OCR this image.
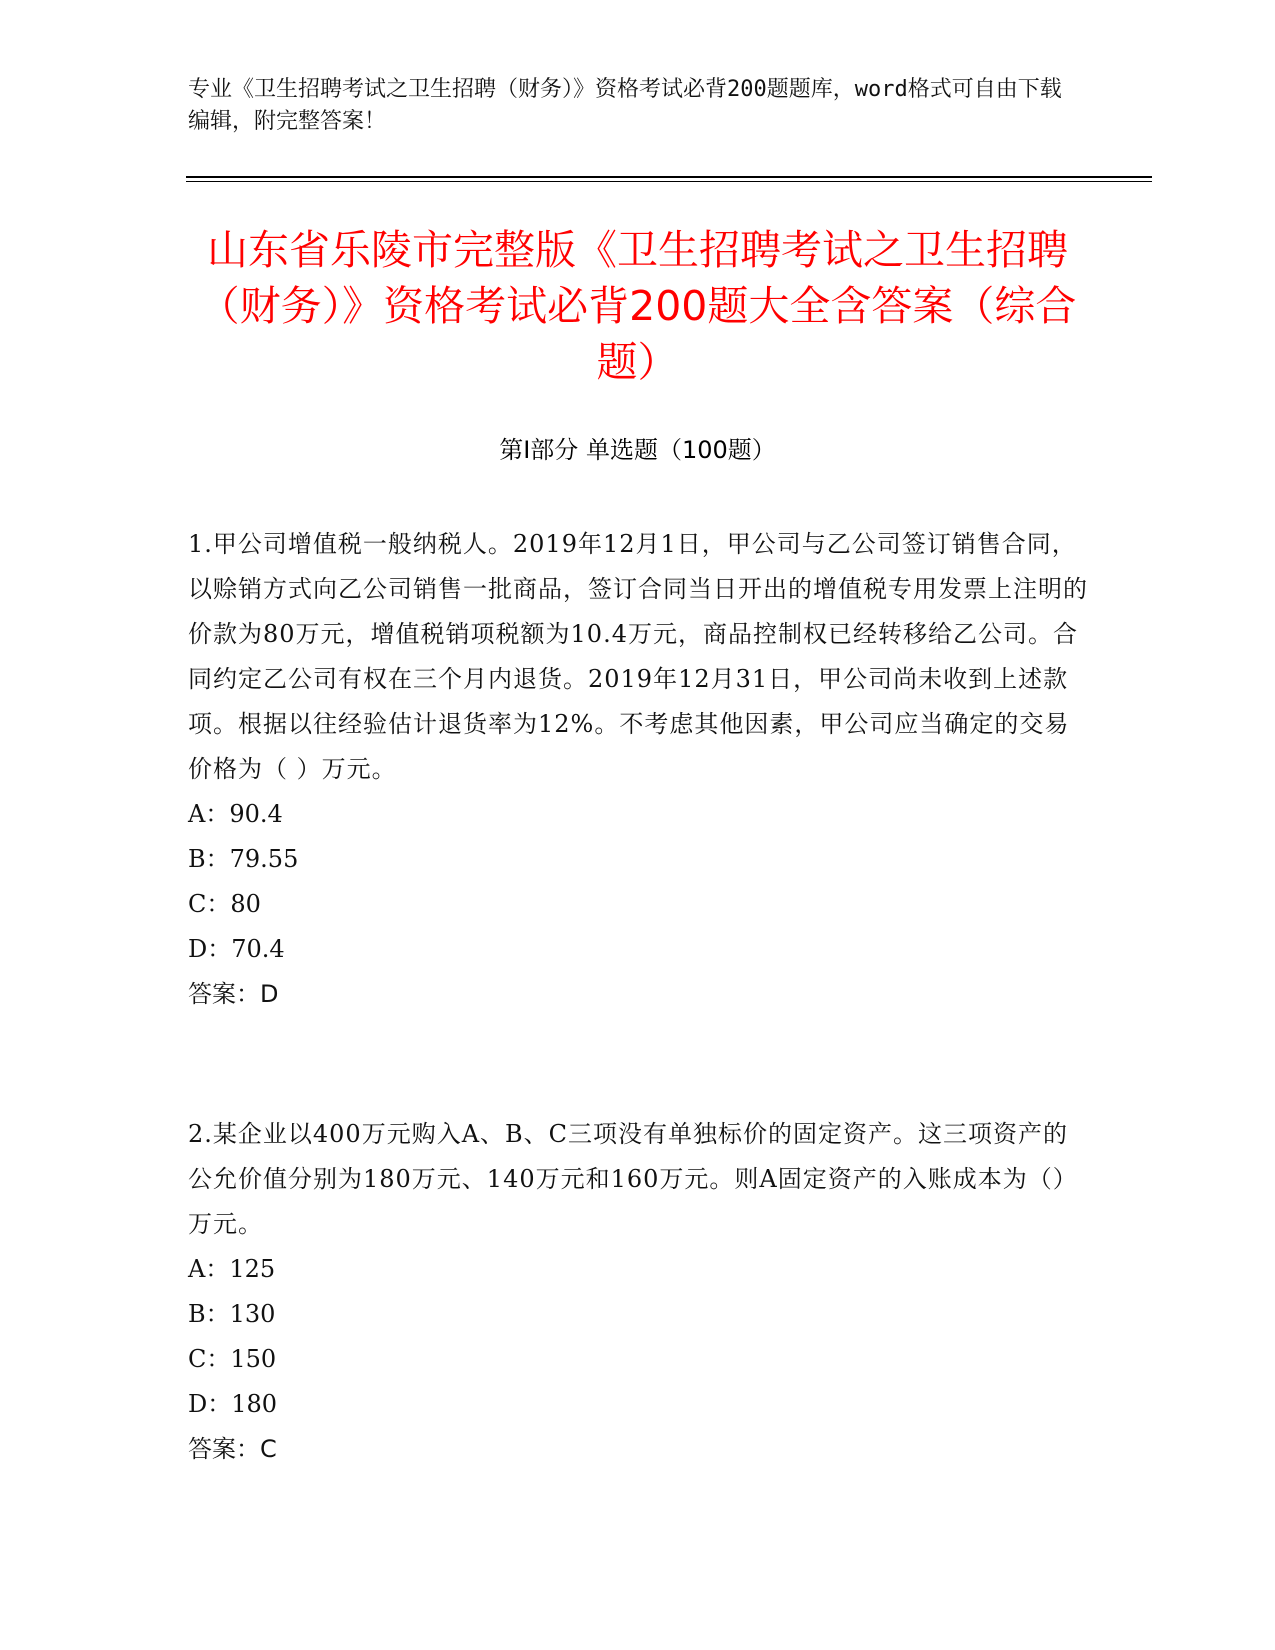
专业《卫生招聘考试之卫生招聘（财务）》资格考试必背200题题库，word格式可自由下载编辑，附完整答案！
山东省乐陵市完整版《卫生招聘考试之卫生招聘（财务）》资格考试必背200题大全含答案（综合题）
第I部分 单选题（100题）

1.甲公司增值税一般纳税人。2019年12月1日，甲公司与乙公司签订销售合同，以赊销方式向乙公司销售一批商品，签订合同当日开出的增值税专用发票上注明的价款为80万元，增值税销项税额为10.4万元，商品控制权已经转移给乙公司。合同约定乙公司有权在三个月内退货。2019年12月31日，甲公司尚未收到上述款项。根据以往经验估计退货率为12%。不考虑其他因素，甲公司应当确定的交易价格为（ ）万元。

A：90.4

B：79.55

C：80

D：70.4

答案：D

2.某企业以400万元购入A、B、C三项没有单独标价的固定资产。这三项资产的公允价值分别为180万元、140万元和160万元。则A固定资产的入账成本为（）万元。

A：125

B：130

C：150

D：180

答案：C
